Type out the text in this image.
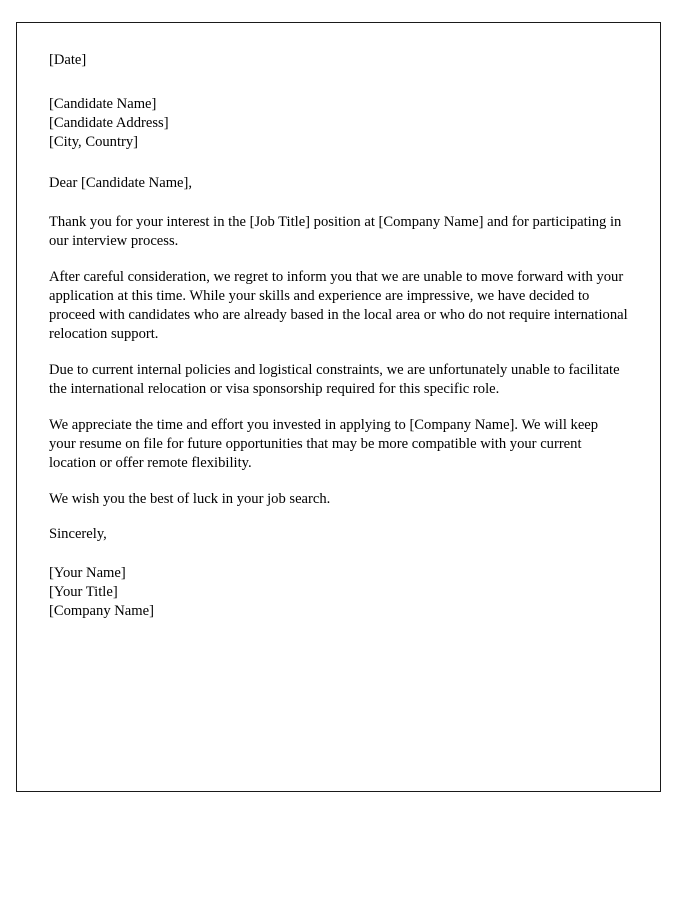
[Date]
[Candidate Name]
[Candidate Address]
[City, Country]
Dear [Candidate Name],

Thank you for your interest in the [Job Title] position at [Company Name] and for participating in our interview process.

After careful consideration, we regret to inform you that we are unable to move forward with your application at this time. While your skills and experience are impressive, we have decided to proceed with candidates who are already based in the local area or who do not require international relocation support.

Due to current internal policies and logistical constraints, we are unfortunately unable to facilitate the international relocation or visa sponsorship required for this specific role.

We appreciate the time and effort you invested in applying to [Company Name]. We will keep your resume on file for future opportunities that may be more compatible with your current location or offer remote flexibility.

We wish you the best of luck in your job search.

Sincerely,
[Your Name]
[Your Title]
[Company Name]
